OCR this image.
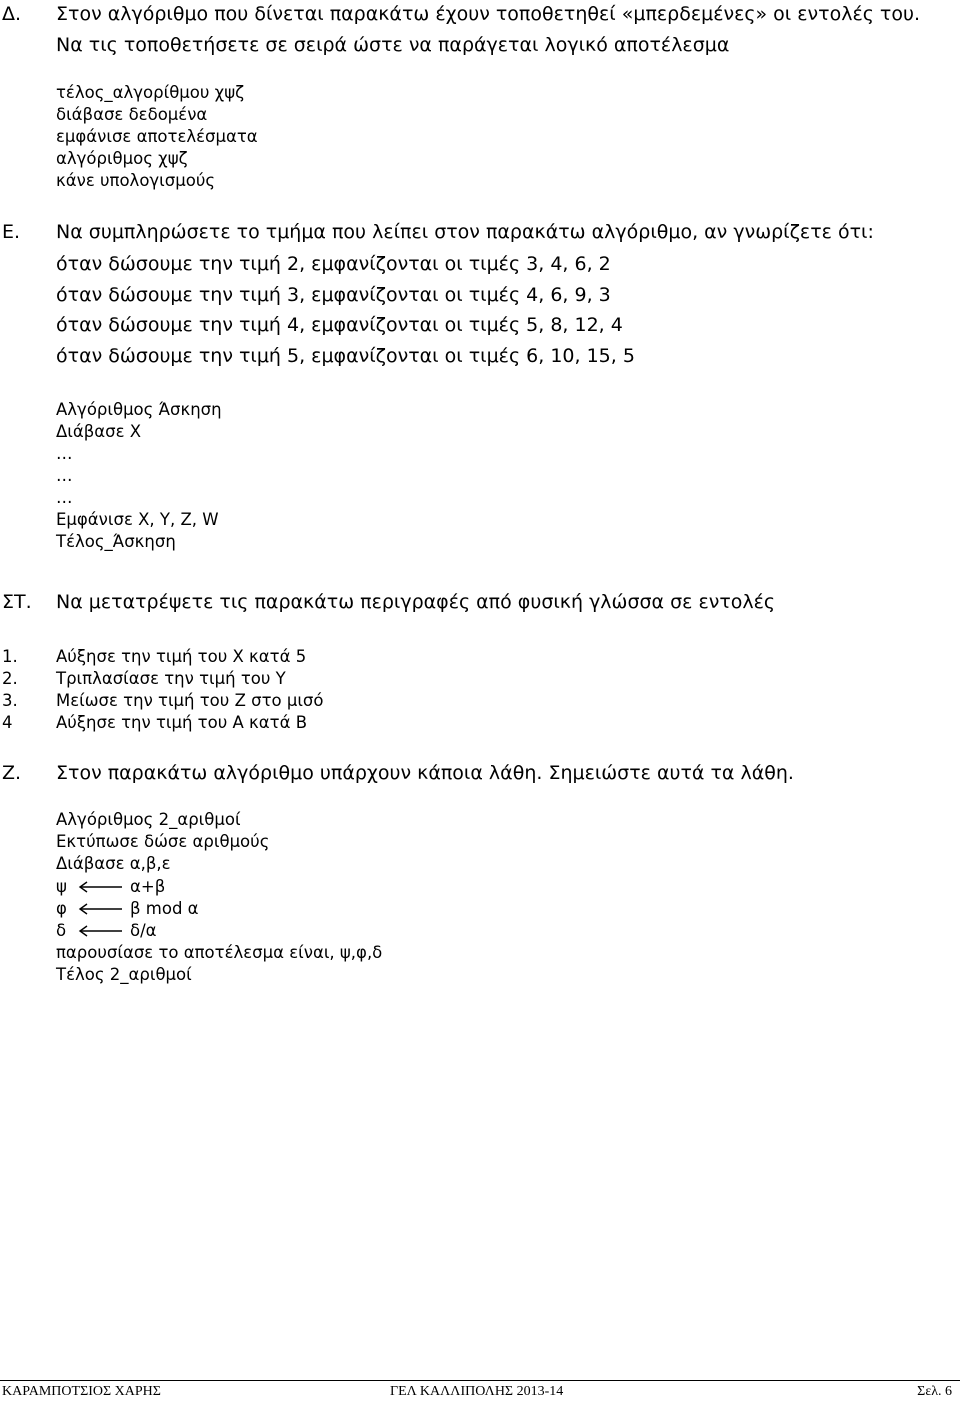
Δ. Στον αλγόριθμο που δίνεται παρακάτω έχουν τοποθετηθεί «μπερδεμένες» οι εντολές του.
Να τις τοποθετήσετε σε σειρά ώστε να παράγεται λογικό αποτέλεσμα
τέλος_αλγορίθμου χψζ
διάβασε δεδομένα
εμφάνισε αποτελέσματα
αλγόριθμος χψζ
κάνε υπολογισμούς
Ε. Να συμπληρώσετε το τμήμα που λείπει στον παρακάτω αλγόριθμο, αν γνωρίζετε ότι:
όταν δώσουμε την τιμή 2, εμφανίζονται οι τιμές 3, 4, 6, 2
όταν δώσουμε την τιμή 3, εμφανίζονται οι τιμές 4, 6, 9, 3
όταν δώσουμε την τιμή 4, εμφανίζονται οι τιμές 5, 8, 12, 4
όταν δώσουμε την τιμή 5, εμφανίζονται οι τιμές 6, 10, 15, 5
Αλγόριθμος Άσκηση
Διάβασε Χ
…
…
…
Εμφάνισε Χ, Υ, Ζ, W
Τέλος_Άσκηση
ΣΤ. Να μετατρέψετε τις παρακάτω περιγραφές από φυσική γλώσσα σε εντολές
1. Αύξησε την τιμή του Χ κατά 5
2. Τριπλασίασε την τιμή του Υ
3. Μείωσε την τιμή του Ζ στο μισό
4	Αύξησε την τιμή του Α κατά Β
Ζ. Στον παρακάτω αλγόριθμο υπάρχουν κάποια λάθη. Σημειώστε αυτά τα λάθη.
Αλγόριθμος 2_αριθμοί
Εκτύπωσε δώσε αριθμούς
Διάβασε α,β,ε
ψ	α+β
φ	β mod α
δ	δ/α
παρουσίασε το αποτέλεσμα είναι, ψ,φ,δ
Τέλος 2_αριθμοί
ΚΑΡΑΜΠΟΤΣΙΟΣ ΧΑΡΗΣ	ΓΕΛ ΚΑΛΛΙΠΟΛΗΣ 2013-14	Σελ. 6
